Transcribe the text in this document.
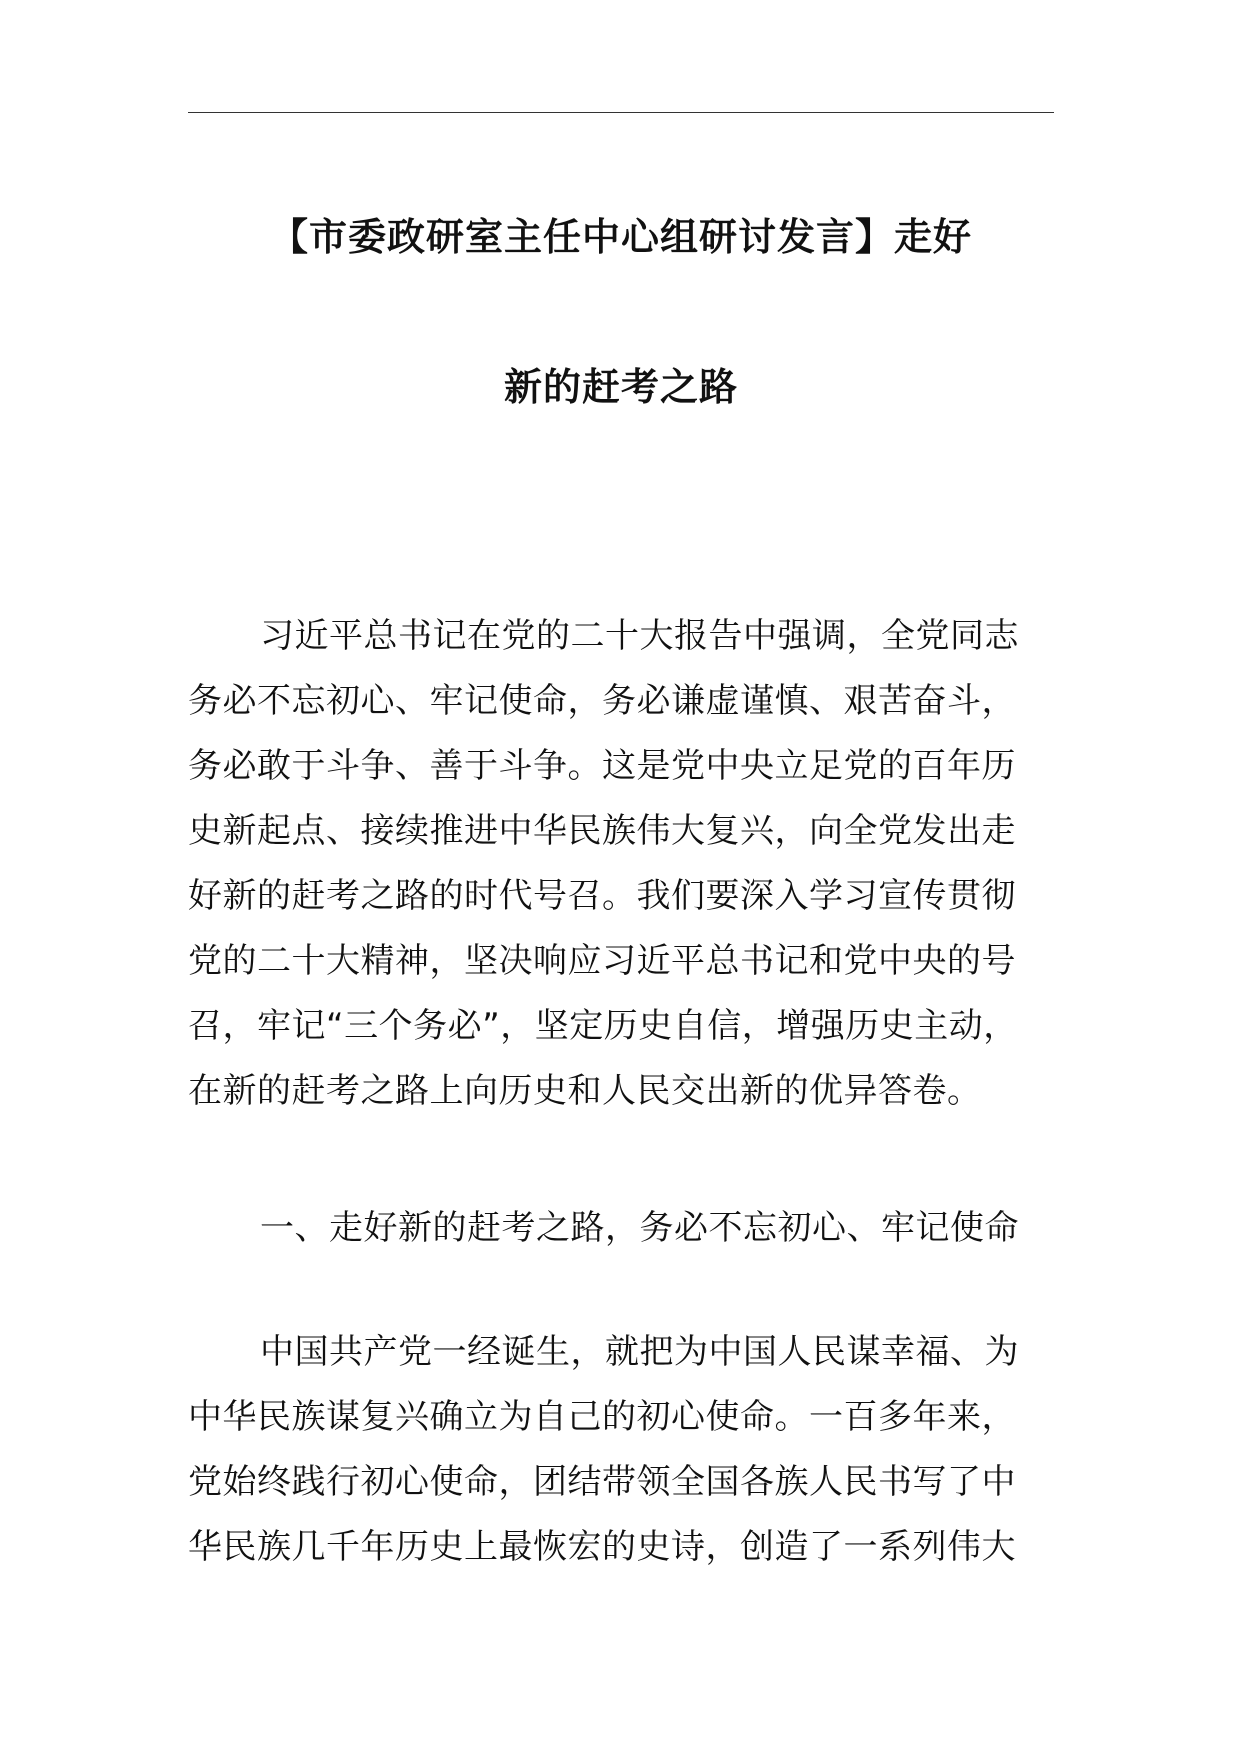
【市委政研室主任中心组研讨发言】走好
新的赶考之路
习近平总书记在党的二十大报告中强调，全党同志
务必不忘初心、牢记使命，务必谦虚谨慎、艰苦奋斗，
务必敢于斗争、善于斗争。这是党中央立足党的百年历
史新起点、接续推进中华民族伟大复兴，向全党发出走
好新的赶考之路的时代号召。我们要深入学习宣传贯彻
党的二十大精神，坚决响应习近平总书记和党中央的号
召，牢记“三个务必”，坚定历史自信，增强历史主动，
在新的赶考之路上向历史和人民交出新的优异答卷。
一、走好新的赶考之路，务必不忘初心、牢记使命
中国共产党一经诞生，就把为中国人民谋幸福、为
中华民族谋复兴确立为自己的初心使命。一百多年来，
党始终践行初心使命，团结带领全国各族人民书写了中
华民族几千年历史上最恢宏的史诗，创造了一系列伟大
